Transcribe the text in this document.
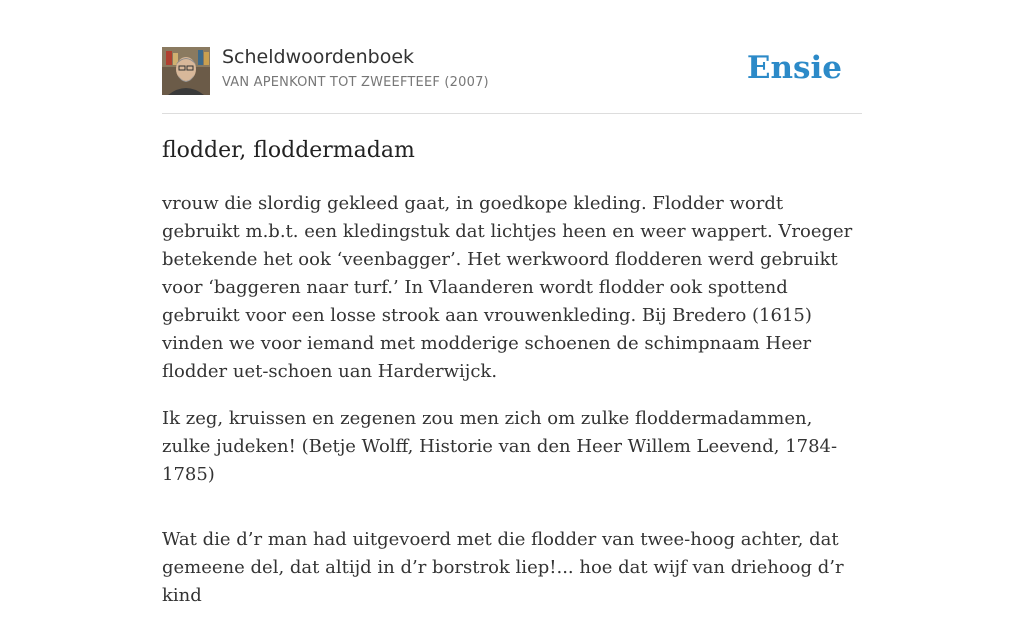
Scheldwoordenboek
VAN APENKONT TOT ZWEEFTEEF (2007)	Ensie
flodder, floddermadam

vrouw die slordig gekleed gaat, in goedkope kleding. Flodder wordt gebruikt m.b.t. een kledingstuk dat lichtjes heen en weer wappert. Vroeger betekende het ook ‘veenbagger’. Het werkwoord flodderen werd gebruikt voor ‘baggeren naar turf.’ In Vlaanderen wordt flodder ook spottend gebruikt voor een losse strook aan vrouwenkleding. Bij Bredero (1615) vinden we voor iemand met modderige schoenen de schimpnaam Heer flodder uet-schoen uan Harderwijck.

Ik zeg, kruissen en zegenen zou men zich om zulke floddermadammen, zulke judeken! (Betje Wolff, Historie van den Heer Willem Leevend, 1784-1785)

Wat die d’r man had uitgevoerd met die flodder van twee-hoog achter, dat gemeene del, dat altijd in d’r borstrok liep!... hoe dat wijf van driehoog d’r kind
